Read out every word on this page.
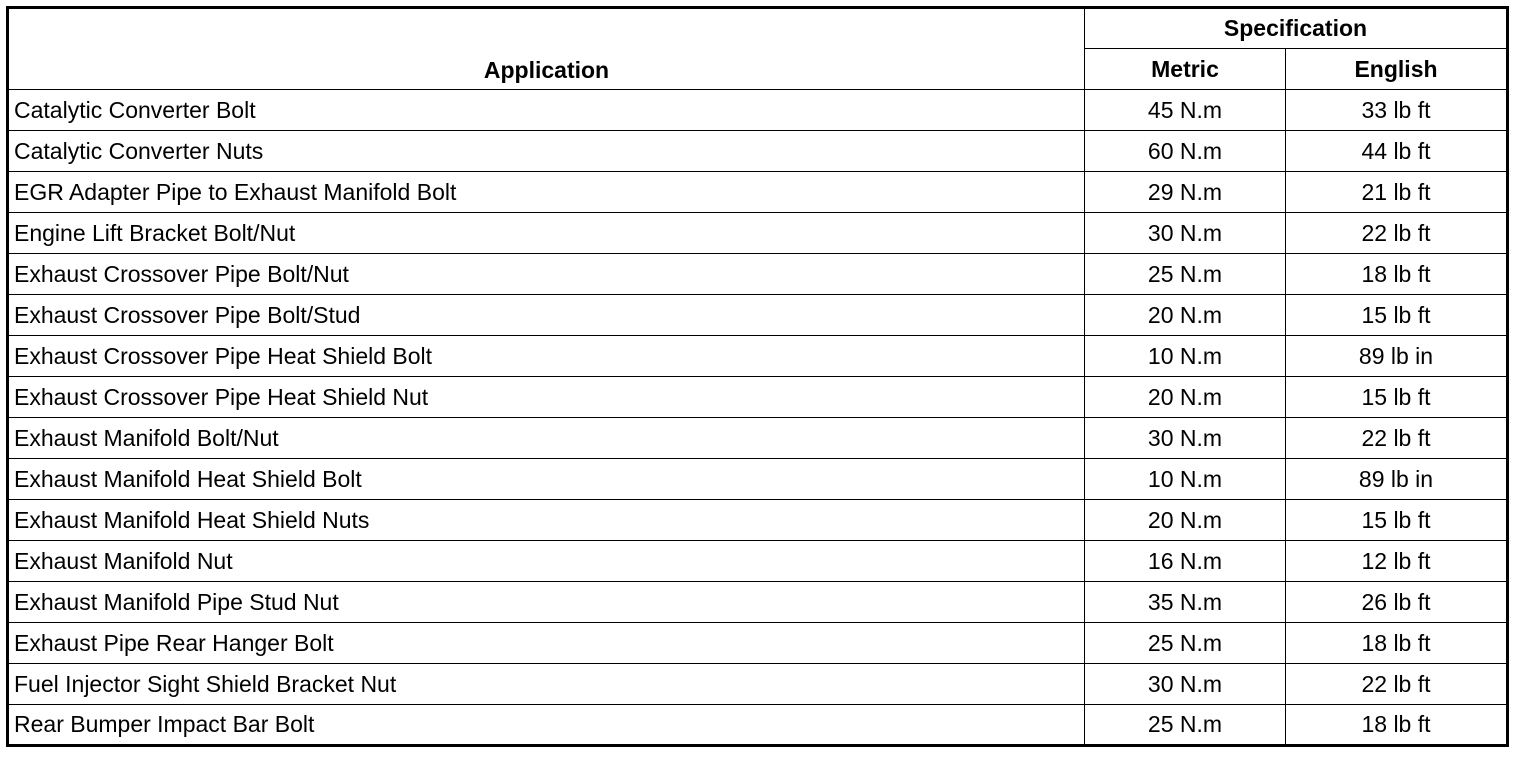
Application	Specification	
	Metric	English
Catalytic Converter Bolt	45 N.m	33 lb ft
Catalytic Converter Nuts	60 N.m	44 lb ft
EGR Adapter Pipe to Exhaust Manifold Bolt	29 N.m	21 lb ft
Engine Lift Bracket Bolt/Nut	30 N.m	22 lb ft
Exhaust Crossover Pipe Bolt/Nut	25 N.m	18 lb ft
Exhaust Crossover Pipe Bolt/Stud	20 N.m	15 lb ft
Exhaust Crossover Pipe Heat Shield Bolt	10 N.m	89 lb in
Exhaust Crossover Pipe Heat Shield Nut	20 N.m	15 lb ft
Exhaust Manifold Bolt/Nut	30 N.m	22 lb ft
Exhaust Manifold Heat Shield Bolt	10 N.m	89 lb in
Exhaust Manifold Heat Shield Nuts	20 N.m	15 lb ft
Exhaust Manifold Nut	16 N.m	12 lb ft
Exhaust Manifold Pipe Stud Nut	35 N.m	26 lb ft
Exhaust Pipe Rear Hanger Bolt	25 N.m	18 lb ft
Fuel Injector Sight Shield Bracket Nut	30 N.m	22 lb ft
Rear Bumper Impact Bar Bolt	25 N.m	18 lb ft
